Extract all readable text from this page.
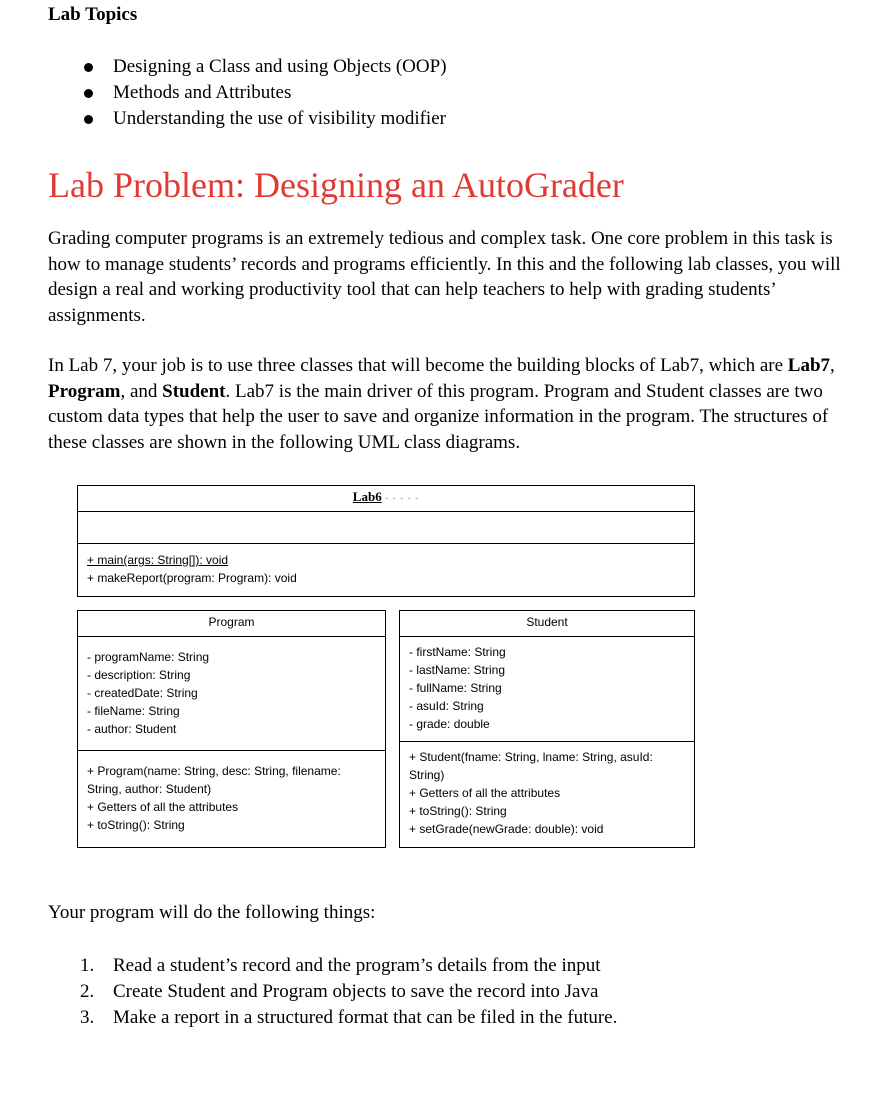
Lab Topics
Designing a Class and using Objects (OOP)
Methods and Attributes
Understanding the use of visibility modifier
Lab Problem: Designing an AutoGrader

Grading computer programs is an extremely tedious and complex task. One core problem in this task is how to manage students’ records and programs efficiently. In this and the following lab classes, you will design a real and working productivity tool that can help teachers to help with grading students’ assignments.

In Lab 7, your job is to use three classes that will become the building blocks of Lab7, which are Lab7, Program, and Student. Lab7 is the main driver of this program. Program and Student classes are two custom data types that help the user to save and organize information in the program. The structures of these classes are shown in the following UML class diagrams.

Lab6 - - - - -
+ main(args: String[]): void
+ makeReport(program: Program): void
Program
- programName: String
- description: String
- createdDate: String
- fileName: String
- author: Student
+ Program(name: String, desc: String, filename:
String, author: Student)
+ Getters of all the attributes
+ toString(): String
Student
- firstName: String
- lastName: String
- fullName: String
- asuId: String
- grade: double
+ Student(fname: String, lname: String, asuId:
String)
+ Getters of all the attributes
+ toString(): String
+ setGrade(newGrade: double): void
Your program will do the following things:
1. Read a student’s record and the program’s details from the input
2. Create Student and Program objects to save the record into Java
3. Make a report in a structured format that can be filed in the future.
